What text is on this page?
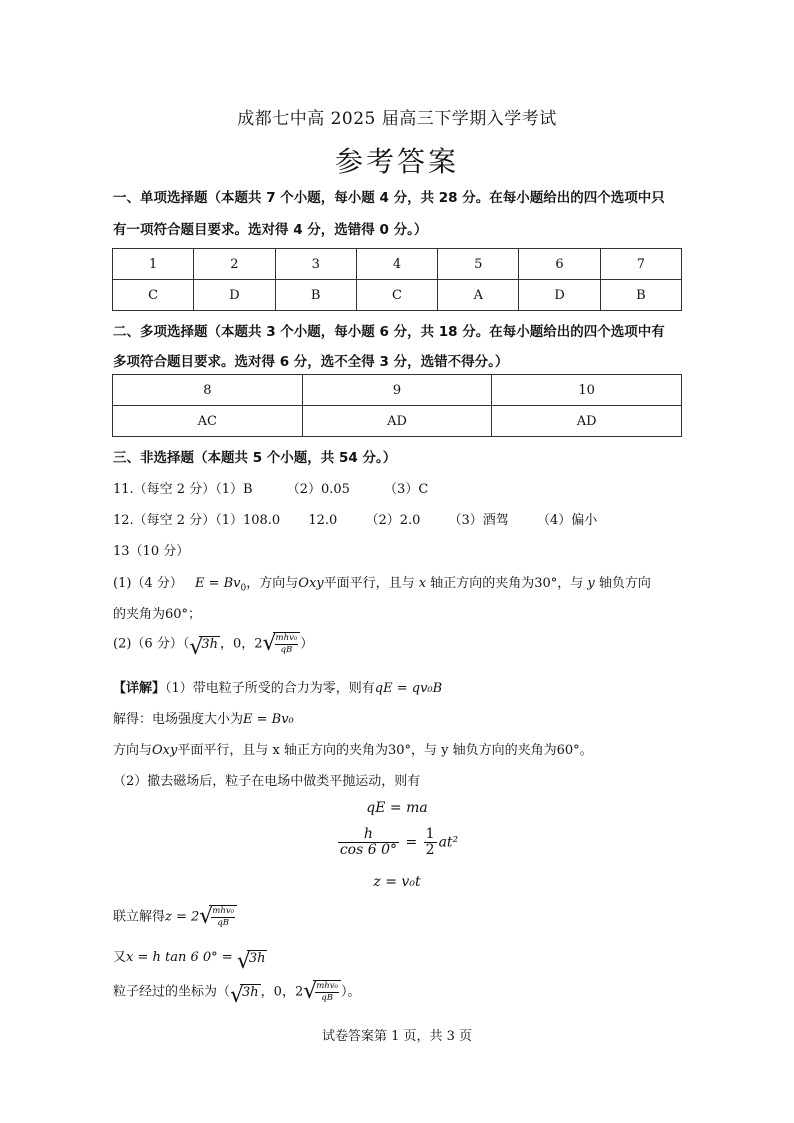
成都七中高 2025 届高三下学期入学考试
参考答案
一、单项选择题（本题共 7 个小题，每小题 4 分，共 28 分。在每小题给出的四个选项中只
有一项符合题目要求。选对得 4 分，选错得 0 分。）
1	2	3	4	5	6	7
C	D	B	C	A	D	B
二、多项选择题（本题共 3 个小题，每小题 6 分，共 18 分。在每小题给出的四个选项中有
多项符合题目要求。选对得 6 分，选不全得 3 分，选错不得分。）
8	9	10
AC	AD	AD
三、非选择题（本题共 5 个小题，共 54 分。）
11.（每空 2 分）（1）B	（2）0.05	（3）C
12.（每空 2 分）（1）108.0 12.0 （2）2.0 （3）酒驾 （4）偏小
13（10 分）
(1)（4 分） $E = Bv_0$，方向与Oxy平面平行，且与 x 轴正方向的夹角为30°，与 y 轴负方向
的夹角为60°；
(2)（6 分）（ √
3h ，0，2 √
$\frac{\text{mhv₀}}{qB}$ ）
【详解】（1）带电粒子所受的合力为零，则有qE = qv₀B
解得：电场强度大小为E = Bv₀
方向与Oxy平面平行，且与 x 轴正方向的夹角为30°，与 y 轴负方向的夹角为60°。
（2）撤去磁场后，粒子在电场中做类平抛运动，则有
qE = ma
$\frac{h}{\cos 6 0^\circ} = \frac{1}{2} at^2$
z = v₀t
联立解得z = 2 √
$\frac{\text{mhv₀}}{qB}$
又x = h tan 6 0° = √
3h
粒子经过的坐标为（ √
3h ，0，2 √
$\frac{\text{mhv₀}}{qB}$ ）。
试卷答案第 1 页，共 3 页
